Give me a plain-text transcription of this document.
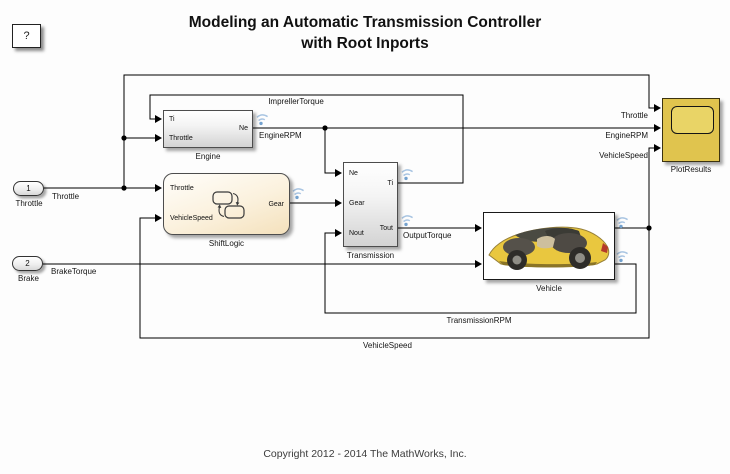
Modeling an Automatic Transmission Controller
with Root Inports
?
1
Throttle
2
Brake
Ti
Throttle
Ne
Engine
Throttle
VehicleSpeed
Gear
ShiftLogic
Ne
Gear
Nout
Ti
Tout
Transmission
Vehicle
PlotResults
Throttle
BrakeTorque
ImprellerTorque
EngineRPM
OutputTorque
TransmissionRPM
VehicleSpeed
Throttle
EngineRPM
VehicleSpeed
Copyright 2012 - 2014 The MathWorks, Inc.
